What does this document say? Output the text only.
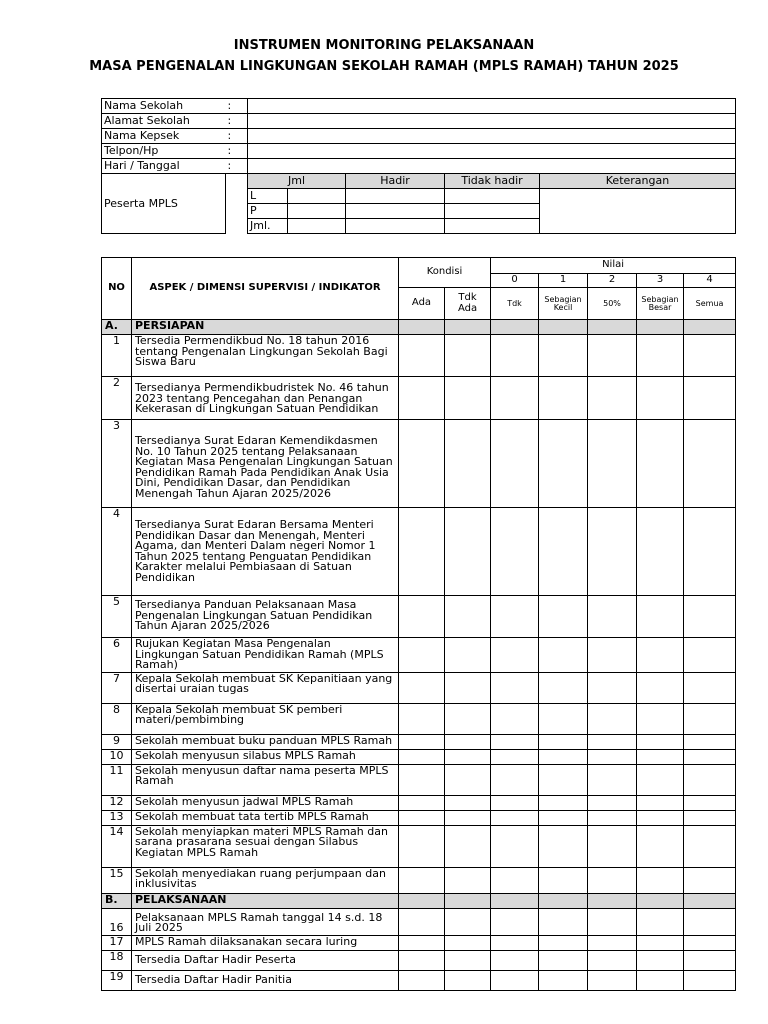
INSTRUMEN MONITORING PELAKSANAAN
MASA PENGENALAN LINGKUNGAN SEKOLAH RAMAH (MPLS RAMAH) TAHUN 2025
Nama Sekolah	:					
Alamat Sekolah	:					
Nama Kepsek	:					
Telpon/Hp	:					
Hari / Tanggal	:					
Peserta MPLS		Jml		Hadir	Tidak hadir	Keterangan
		L				
		P				
		Jml.				
NO	ASPEK / DIMENSI SUPERVISI / INDIKATOR	Kondisi		Nilai				
				0	1	2	3	4
		Ada	Tdk Ada	Tdk	Sebagian Kecil	50%	Sebagian Besar	Semua
A.	PERSIAPAN							
1	Tersedia Permendikbud No. 18 tahun 2016 tentang Pengenalan Lingkungan Sekolah Bagi Siswa Baru							
2	Tersedianya Permendikbudristek No. 46 tahun 2023 tentang Pencegahan dan Penangan Kekerasan di Lingkungan Satuan Pendidikan							
3	Tersedianya Surat Edaran Kemendikdasmen No. 10 Tahun 2025 tentang Pelaksanaan Kegiatan Masa Pengenalan Lingkungan Satuan Pendidikan Ramah Pada Pendidikan Anak Usia Dini, Pendidikan Dasar, dan Pendidikan Menengah Tahun Ajaran 2025/2026							
4	Tersedianya Surat Edaran Bersama Menteri Pendidikan Dasar dan Menengah, Menteri Agama, dan Menteri Dalam negeri Nomor 1 Tahun 2025 tentang Penguatan Pendidikan Karakter melalui Pembiasaan di Satuan Pendidikan							
5	Tersedianya Panduan Pelaksanaan Masa Pengenalan Lingkungan Satuan Pendidikan Tahun Ajaran 2025/2026							
6	Rujukan Kegiatan Masa Pengenalan Lingkungan Satuan Pendidikan Ramah (MPLS Ramah)							
7	Kepala Sekolah membuat SK Kepanitiaan yang disertai uraian tugas							
8	Kepala Sekolah membuat SK pemberi materi/pembimbing							
9	Sekolah membuat buku panduan MPLS Ramah							
10	Sekolah menyusun silabus MPLS Ramah							
11	Sekolah menyusun daftar nama peserta MPLS Ramah							
12	Sekolah menyusun jadwal MPLS Ramah							
13	Sekolah membuat tata tertib MPLS Ramah							
14	Sekolah menyiapkan materi MPLS Ramah dan sarana prasarana sesuai dengan Silabus Kegiatan MPLS Ramah							
15	Sekolah menyediakan ruang perjumpaan dan inklusivitas							
B.	PELAKSANAAN							
16	Pelaksanaan MPLS Ramah tanggal 14 s.d. 18 Juli 2025							
17	MPLS Ramah dilaksanakan secara luring							
18	Tersedia Daftar Hadir Peserta							
19	Tersedia Daftar Hadir Panitia							
